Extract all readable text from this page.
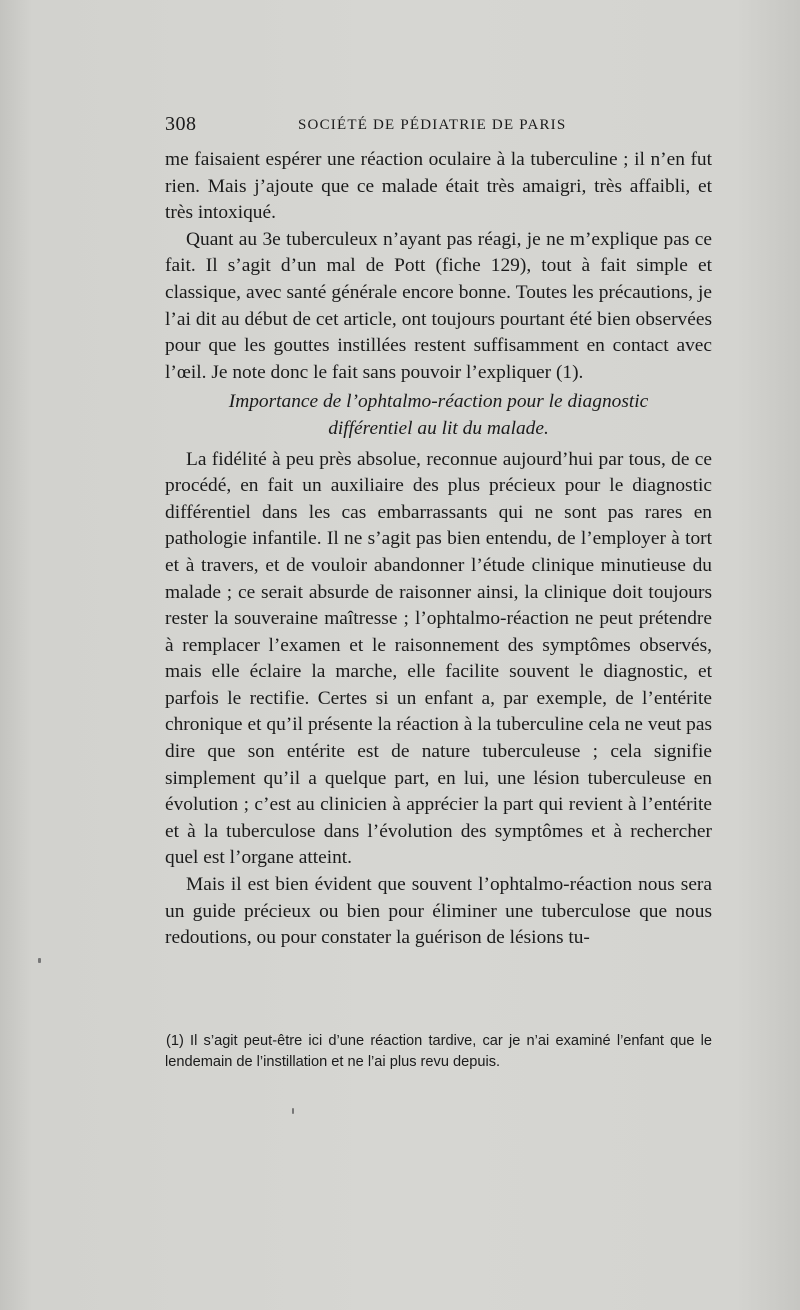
308	SOCIÉTÉ DE PÉDIATRIE DE PARIS

me faisaient espérer une réaction oculaire à la tuberculine ; il n’en fut rien. Mais j’ajoute que ce malade était très amaigri, très affaibli, et très intoxiqué.

Quant au 3e tuberculeux n’ayant pas réagi, je ne m’explique pas ce fait. Il s’agit d’un mal de Pott (fiche 129), tout à fait simple et classique, avec santé générale encore bonne. Toutes les précautions, je l’ai dit au début de cet article, ont toujours pourtant été bien observées pour que les gouttes instillées restent suffisamment en contact avec l’œil. Je note donc le fait sans pouvoir l’expliquer (1).

Importance de l’ophtalmo-réaction pour le diagnostic
différentiel au lit du malade.

La fidélité à peu près absolue, reconnue aujourd’hui par tous, de ce procédé, en fait un auxiliaire des plus précieux pour le diagnostic différentiel dans les cas embarrassants qui ne sont pas rares en pathologie infantile. Il ne s’agit pas bien entendu, de l’employer à tort et à travers, et de vouloir abandonner l’étude clinique minutieuse du malade ; ce serait absurde de raisonner ainsi, la clinique doit toujours rester la souveraine maîtresse ; l’ophtalmo-réaction ne peut prétendre à remplacer l’examen et le raisonnement des symptômes observés, mais elle éclaire la marche, elle facilite souvent le diagnostic, et parfois le rectifie. Certes si un enfant a, par exemple, de l’entérite chronique et qu’il présente la réaction à la tuberculine cela ne veut pas dire que son entérite est de nature tuberculeuse ; cela signifie simplement qu’il a quelque part, en lui, une lésion tuberculeuse en évolution ; c’est au clinicien à apprécier la part qui revient à l’entérite et à la tuberculose dans l’évolution des symptômes et à rechercher quel est l’organe atteint.

Mais il est bien évident que souvent l’ophtalmo-réaction nous sera un guide précieux ou bien pour éliminer une tuberculose que nous redoutions, ou pour constater la guérison de lésions tu-

(1) Il s’agit peut-être ici d’une réaction tardive, car je n’ai examiné l’enfant que le lendemain de l’instillation et ne l’ai plus revu depuis.
